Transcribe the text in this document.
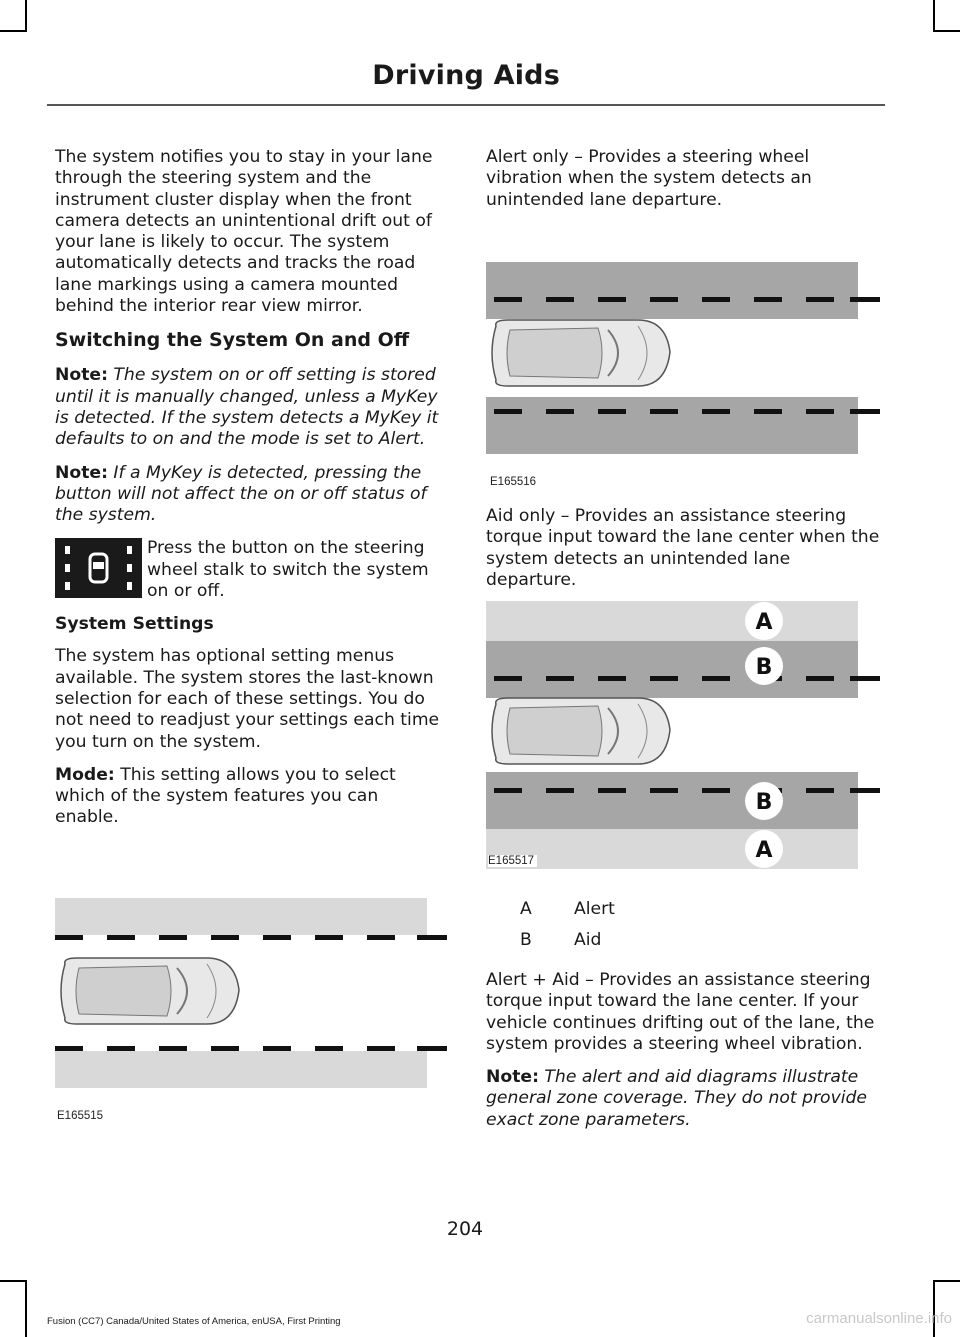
Driving Aids

The system notifies you to stay in your lane through the steering system and the instrument cluster display when the front camera detects an unintentional drift out of your lane is likely to occur. The system automatically detects and tracks the road lane markings using a camera mounted behind the interior rear view mirror.

Switching the System On and Off

Note: The system on or off setting is stored until it is manually changed, unless a MyKey is detected. If the system detects a MyKey it defaults to on and the mode is set to Alert.

Note: If a MyKey is detected, pressing the button will not affect the on or off status of the system.

Press the button on the steering wheel stalk to switch the system on or off.
System Settings

The system has optional setting menus available. The system stores the last-known selection for each of these settings. You do not need to readjust your settings each time you turn on the system.

Mode: This setting allows you to select which of the system features you can enable.

E165515

Alert only – Provides a steering wheel vibration when the system detects an unintended lane departure.

E165516

Aid only – Provides an assistance steering torque input toward the lane center when the system detects an unintended lane departure.

A
B
B
A
E165517
A	Alert
B	Aid

Alert + Aid – Provides an assistance steering torque input toward the lane center. If your vehicle continues drifting out of the lane, the system provides a steering wheel vibration.

Note: The alert and aid diagrams illustrate general zone coverage. They do not provide exact zone parameters.

204
Fusion (CC7) Canada/United States of America, enUSA, First Printing	carmanualsonline.info
